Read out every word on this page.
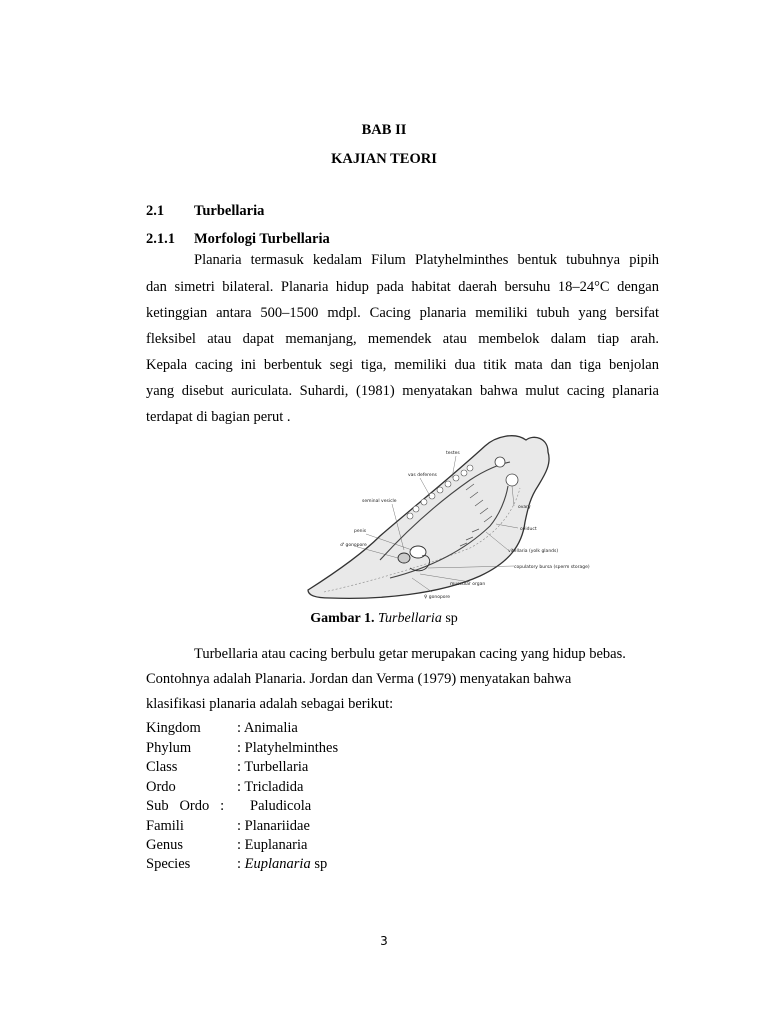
BAB II
KAJIAN TEORI
2.1 Turbellaria
2.1.1 Morfologi Turbellaria
Planaria termasuk kedalam Filum Platyhelminthes bentuk tubuhnya pipih
dan simetri bilateral. Planaria hidup pada habitat daerah bersuhu 18–24°C dengan
ketinggian antara 500–1500 mdpl. Cacing planaria memiliki tubuh yang bersifat
fleksibel atau dapat memanjang, memendek atau membelok dalam tiap arah.
Kepala cacing ini berbentuk segi tiga, memiliki dua titik mata dan tiga benjolan
yang disebut auriculata. Suhardi, (1981) menyatakan bahwa mulut cacing planaria
terdapat di bagian perut .
testes
vas deferens
seminal vesicle
penis
♂ gonopore
ovary
oviduct
vitellaria (yolk glands)
copulatory bursa (sperm storage)
muscular organ
♀ gonopore
Gambar 1. Turbellaria sp
Turbellaria atau cacing berbulu getar merupakan cacing yang hidup bebas.
Contohnya adalah Planaria. Jordan dan Verma (1979) menyatakan bahwa
klasifikasi planaria adalah sebagai berikut:
Kingdom : Animalia
Phylum	: Platyhelminthes
Class	: Turbellaria
Ordo	: Tricladida
Sub   Ordo   : Paludicola
Famili	: Planariidae
Genus	: Euplanaria
Species	: Euplanaria sp
3
